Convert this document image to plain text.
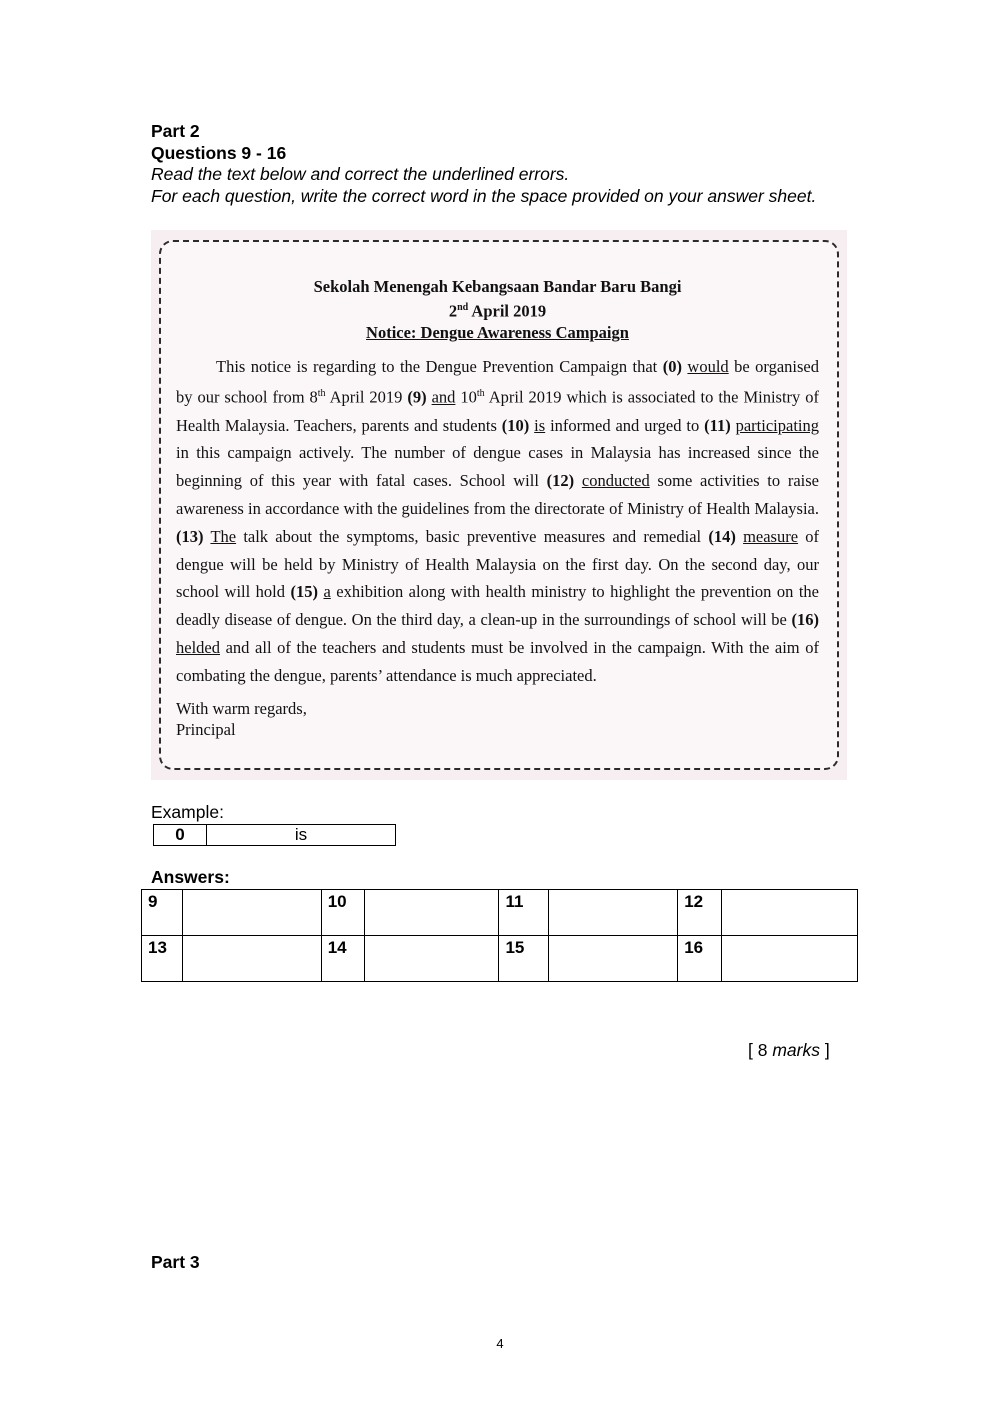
Part 2
Questions 9 - 16
Read the text below and correct the underlined errors.
For each question, write the correct word in the space provided on your answer sheet.
Sekolah Menengah Kebangsaan Bandar Baru Bangi
2nd April 2019
Notice: Dengue Awareness Campaign
This notice is regarding to the Dengue Prevention Campaign that (0) would be organised by our school from 8th April 2019 (9) and 10th April 2019 which is associated to the Ministry of Health Malaysia. Teachers, parents and students (10) is informed and urged to (11) participating in this campaign actively. The number of dengue cases in Malaysia has increased since the beginning of this year with fatal cases. School will (12) conducted some activities to raise awareness in accordance with the guidelines from the directorate of Ministry of Health Malaysia. (13) The talk about the symptoms, basic preventive measures and remedial (14) measure of dengue will be held by Ministry of Health Malaysia on the first day. On the second day, our school will hold (15) a exhibition along with health ministry to highlight the prevention on the deadly disease of dengue. On the third day, a clean-up in the surroundings of school will be (16) helded and all of the teachers and students must be involved in the campaign. With the aim of combating the dengue, parents’ attendance is much appreciated.
With warm regards,
Principal
Example:
0	is
Answers:
9		10		11		12	
13		14		15		16	
[ 8 marks ]
Part 3
4
